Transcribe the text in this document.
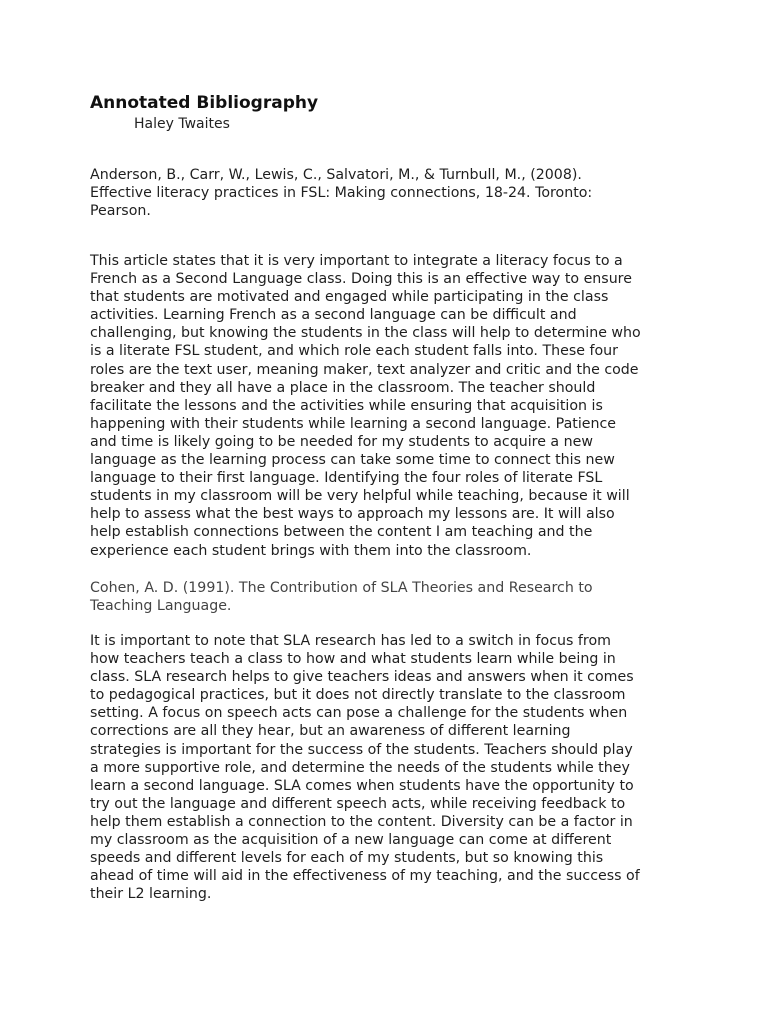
Annotated Bibliography
Haley Twaites
Anderson, B., Carr, W., Lewis, C., Salvatori, M., & Turnbull, M., (2008).
Effective literacy practices in FSL: Making connections, 18-24. Toronto:
Pearson.
This article states that it is very important to integrate a literacy focus to a
French as a Second Language class. Doing this is an effective way to ensure
that students are motivated and engaged while participating in the class
activities. Learning French as a second language can be difficult and
challenging, but knowing the students in the class will help to determine who
is a literate FSL student, and which role each student falls into. These four
roles are the text user, meaning maker, text analyzer and critic and the code
breaker and they all have a place in the classroom. The teacher should
facilitate the lessons and the activities while ensuring that acquisition is
happening with their students while learning a second language. Patience
and time is likely going to be needed for my students to acquire a new
language as the learning process can take some time to connect this new
language to their first language. Identifying the four roles of literate FSL
students in my classroom will be very helpful while teaching, because it will
help to assess what the best ways to approach my lessons are. It will also
help establish connections between the content I am teaching and the
experience each student brings with them into the classroom.
Cohen, A. D. (1991). The Contribution of SLA Theories and Research to
Teaching Language.
It is important to note that SLA research has led to a switch in focus from
how teachers teach a class to how and what students learn while being in
class. SLA research helps to give teachers ideas and answers when it comes
to pedagogical practices, but it does not directly translate to the classroom
setting. A focus on speech acts can pose a challenge for the students when
corrections are all they hear, but an awareness of different learning
strategies is important for the success of the students. Teachers should play
a more supportive role, and determine the needs of the students while they
learn a second language. SLA comes when students have the opportunity to
try out the language and different speech acts, while receiving feedback to
help them establish a connection to the content. Diversity can be a factor in
my classroom as the acquisition of a new language can come at different
speeds and different levels for each of my students, but so knowing this
ahead of time will aid in the effectiveness of my teaching, and the success of
their L2 learning.
